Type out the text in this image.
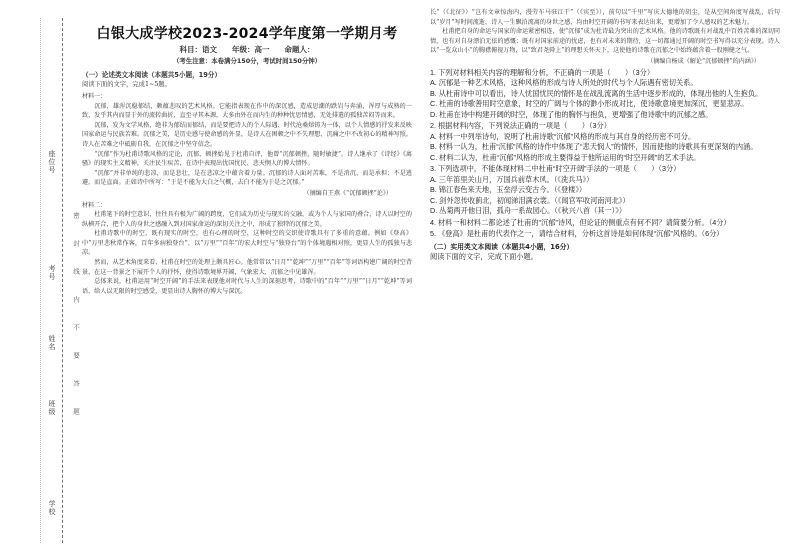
座位号
考号
姓名
班级
学校
密
封
线
内
不
要
答
题
白银大成学校2023-2024学年度第一学期月考
科目：语文　　年级：高一　　命题人：
（考生注意：本卷满分150分，考试时间150分钟）
（一）论述类文本阅读（本题共5小题，19分）
阅读下面的文字，完成1~5题。
材料一：

沉郁，雄浑沉稳郁结，颇蕴悲叹的艺术风格。它能指表现在作中的深沉感，造成思潮的跌岩与奔涌，浑厚与成熟的一致，发乎其内而显于外的流转曲折，直至寻其本源，大多由外在而内生的种种忧思情感，无处排遣的孤独苦闷等而来。

沉郁，发为文学风格，绝非为郁结而郁结，而是要把诗人的个人际遇、时代沧桑熔铸为一体，以个人情感的抒发来反映国家命运与民族苦难。沉郁之美，是历史感与使命感的外显，是诗人在困顿之中不失理想、沉痛之中不改初心的精神写照。诗人在苦难之中砥砺自我，在沉郁之中坚守信念。

“沉郁”作为杜甫诗歌风格的定论，沉郁、顿挫始见于杜甫自评，他曾“沉郁顿挫，随时敏捷”。诗人继承了《诗经》《离骚》的现实主义精神，关注民生疾苦，在诗中表现出忧国忧民、悲天悯人的博大情怀。

“沉郁”并非单纯的悲凉，而是悲壮，是在悲凉之中蕴含着力量。沉郁的诗人面对苦难，不是消沉，而是承担；不是逃避，而是直面。正如诗中所写：“于是不能为大白之气概，去白不能为于是之沉郁。”

（摘编自王燕《“沉郁顿挫”论》）
材料二：

杜甫笔下的时空意识，往往具有极为广阔的跨度，它们或为历史与现实的交融，或为个人与家国的叠合，诗人以时空的纵横开合，把个人的身世之感融入到对国家命运的深切关注之中，形成了独特的沉郁之美。

杜甫诗歌中的时空，既有现实的时空，也有心理的时空，这种时空的交织使诗歌具有了多重的意蕴。例如《登高》中“万里悲秋常作客，百年多病独登台”，以“万里”“百年”的宏大时空与“独登台”的个体境遇相对照，更显人生的孤独与悲凉。

然而，从艺术角度来看，杜甫在时空的处理上颇具匠心。他常常以“日月”“乾坤”“万里”“百年”等词语构建广阔的时空背景，在这一背景之下展开个人的抒怀，使得诗歌境界开阔，气象宏大，沉郁之中见雄浑。

总体来说，杜甫运用“时空开阔”的手法来表现他对时代与人生的深刻思考，诗歌中的“百年”“万里”“日月”“乾坤”等词语，给人以无限的时空感受，更显出诗人胸怀的博大与深沉。

长”（《北征》）“岂有文章惊海内，漫劳车马驻江干”（《宾至》），前句以“千里”写庆大德地的胡尘，是从空间角度写战乱，后句以“岁月”写时间流逝，诗人一生飘泊流离的身世之感，均由时空开阔的书写来表达出来，更增加了令人感叹的艺术魅力。

杜甫把自身的命运与国家的命运紧密相连，使“沉郁”成为杜诗最为突出的艺术风格。他的诗歌既有对战乱中百姓苦难的深切同情，也有对自身漂泊无依的感慨；既有对国家前途的忧虑，也有对未来的期待，这一切都通过开阔的时空书写得以充分表现。诗人以“一览众山小”的胸襟俯视万物，以“致君尧舜上”的理想关怀天下，这使他的诗歌在沉郁之中始终蕴含着一股刚健之气。

（摘编自杨成《解论“沉郁顿挫”的内涵》）
1. 下列对材料相关内容的理解和分析，不正确的一项是（　　）（3分）
A. 沉郁是一种艺术风格，这种风格的形成与诗人所处的时代与个人际遇有密切关系。
B. 从杜甫诗中可以看出，诗人忧国忧民的情怀是在战乱流离的生活中逐步形成的，体现出他的人生抱负。
C. 杜甫的诗歌善用时空意象，时空的广阔与个体的渺小形成对比，使诗歌意境更加深沉，更显悲凉。
D. 杜甫在诗中构建开阔的时空，体现了他的胸怀与抱负，更增强了他诗歌中的沉郁之感。
2. 根据材料内容，下列说法正确的一项是（　　）（3分）
A. 材料一中列举诗句，说明了杜甫诗歌“沉郁”风格的形成与其自身的经历密不可分。
B. 材料一认为，杜甫“沉郁”风格的诗作中体现了“悲天悯人”的情怀，因而使他的诗歌具有更深刻的内涵。
C. 材料二认为，杜甫“沉郁”风格的形成主要得益于他所运用的“时空开阔”的艺术手法。
3. 下列选项中，不能体现材料二中杜甫“时空开阔”手法的一项是（　　）（3分）
A. 三年笛里关山月，万国兵前草木风。（《洗兵马》）
B. 锦江春色来天地，玉垒浮云变古今。（《登楼》）
C. 剑外忽传收蓟北，初闻涕泪满衣裳。（《闻官军收河南河北》）
D. 丛菊两开他日泪，孤舟一系故园心。（《秋兴八首（其一）》）
4. 材料一和材料二都论述了杜甫的“沉郁”诗风，但论证的侧重点有何不同？请简要分析。（4分）
5. 《登高》是杜甫的代表作之一，请结合材料，分析这首诗是如何体现“沉郁”风格的。（6分）
（二）实用类文本阅读（本题共4小题，16分）
阅读下面的文字，完成下面小题。
